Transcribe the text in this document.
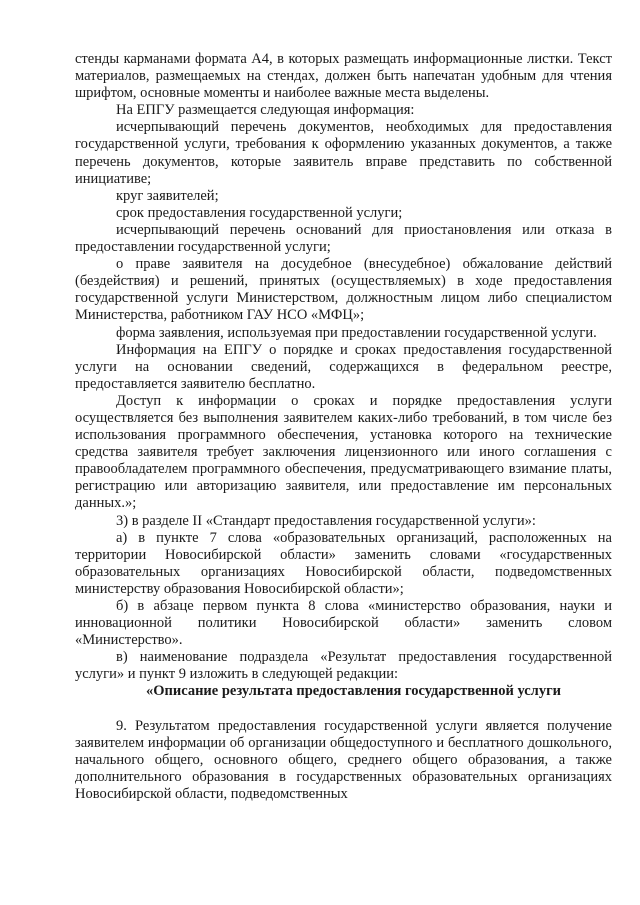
стенды карманами формата А4, в которых размещать информационные листки. Текст материалов, размещаемых на стендах, должен быть напечатан удобным для чтения шрифтом, основные моменты и наиболее важные места выделены.

На ЕПГУ размещается следующая информация:

исчерпывающий перечень документов, необходимых для предоставления государственной услуги, требования к оформлению указанных документов, а также перечень документов, которые заявитель вправе представить по собственной инициативе;

круг заявителей;

срок предоставления государственной услуги;

исчерпывающий перечень оснований для приостановления или отказа в предоставлении государственной услуги;

о праве заявителя на досудебное (внесудебное) обжалование действий (бездействия) и решений, принятых (осуществляемых) в ходе предоставления государственной услуги Министерством, должностным лицом либо специалистом Министерства, работником ГАУ НСО «МФЦ»;

форма заявления, используемая при предоставлении государственной услуги.

Информация на ЕПГУ о порядке и сроках предоставления государственной услуги на основании сведений, содержащихся в федеральном реестре, предоставляется заявителю бесплатно.

Доступ к информации о сроках и порядке предоставления услуги осуществляется без выполнения заявителем каких-либо требований, в том числе без использования программного обеспечения, установка которого на технические средства заявителя требует заключения лицензионного или иного соглашения с правообладателем программного обеспечения, предусматривающего взимание платы, регистрацию или авторизацию заявителя, или предоставление им персональных данных.»;

3) в разделе II «Стандарт предоставления государственной услуги»:

а) в пункте 7 слова «образовательных организаций, расположенных на территории Новосибирской области» заменить словами «государственных образовательных организациях Новосибирской области, подведомственных министерству образования Новосибирской области»;

б) в абзаце первом пункта 8 слова «министерство образования, науки и инновационной политики Новосибирской области» заменить словом «Министерство».

в) наименование подраздела «Результат предоставления государственной услуги» и пункт 9 изложить в следующей редакции:

«Описание результата предоставления государственной услуги

9. Результатом предоставления государственной услуги является получение заявителем информации об организации общедоступного и бесплатного дошкольного, начального общего, основного общего, среднего общего образования, а также дополнительного образования в государственных образовательных организациях Новосибирской области, подведомственных
